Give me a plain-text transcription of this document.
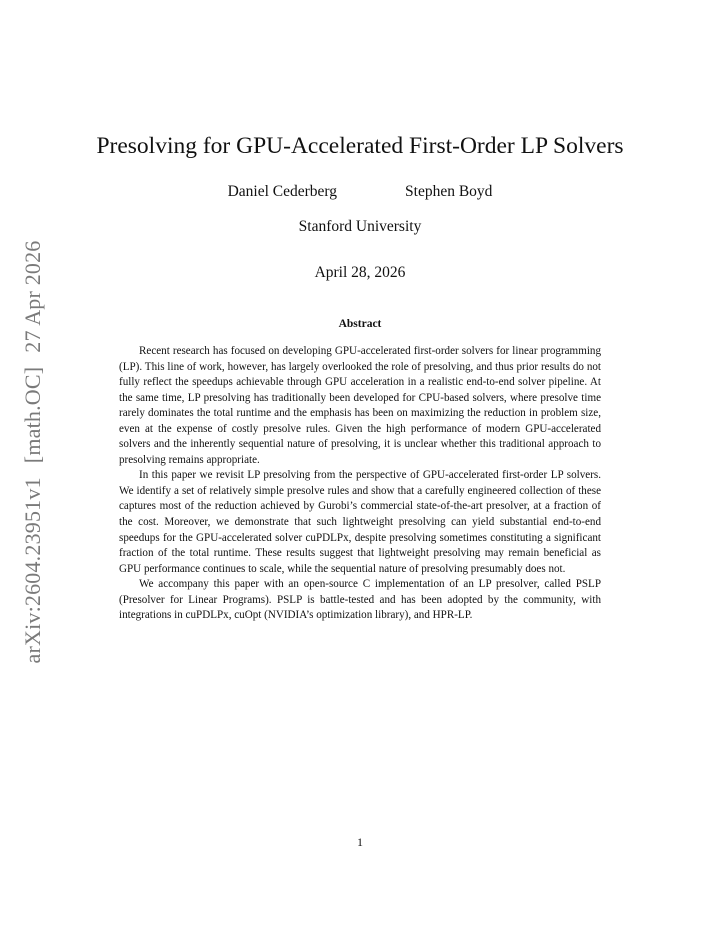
arXiv:2604.23951v1[math.OC]27 Apr 2026
Presolving for GPU-Accelerated First-Order LP Solvers
Daniel Cederberg	Stephen Boyd
Stanford University
April 28, 2026
Abstract

Recent research has focused on developing GPU-accelerated first-order solvers for linear programming (LP). This line of work, however, has largely overlooked the role of presolving, and thus prior results do not fully reflect the speedups achievable through GPU acceleration in a realistic end-to-end solver pipeline. At the same time, LP presolving has traditionally been developed for CPU-based solvers, where presolve time rarely dominates the total runtime and the emphasis has been on maximizing the reduction in problem size, even at the expense of costly presolve rules. Given the high performance of modern GPU-accelerated solvers and the inherently sequential nature of presolving, it is unclear whether this traditional approach to presolving remains appropriate.

In this paper we revisit LP presolving from the perspective of GPU-accelerated first-order LP solvers. We identify a set of relatively simple presolve rules and show that a carefully engineered collection of these captures most of the reduction achieved by Gurobi’s commercial state-of-the-art presolver, at a fraction of the cost. Moreover, we demonstrate that such lightweight presolving can yield substantial end-to-end speedups for the GPU-accelerated solver cuPDLPx, despite presolving sometimes constituting a significant fraction of the total runtime. These results suggest that lightweight presolving may remain beneficial as GPU performance continues to scale, while the sequential nature of presolving presumably does not.

We accompany this paper with an open-source C implementation of an LP presolver, called PSLP (Presolver for Linear Programs). PSLP is battle-tested and has been adopted by the community, with integrations in cuPDLPx, cuOpt (NVIDIA’s optimization library), and HPR-LP.

1
